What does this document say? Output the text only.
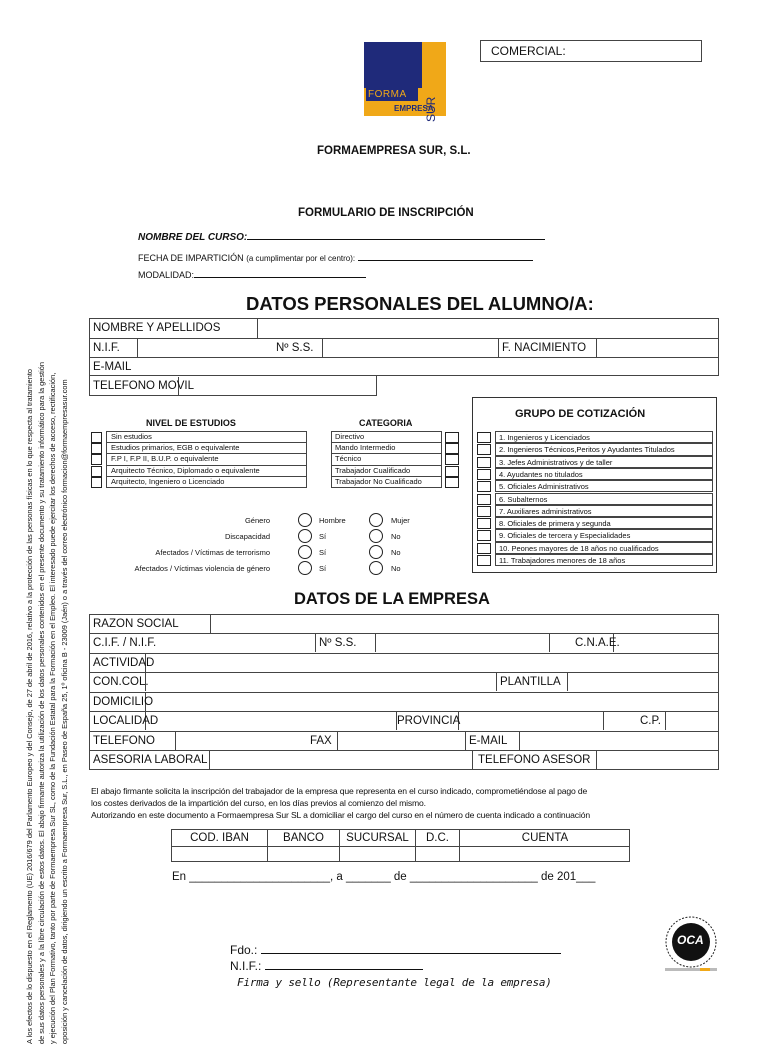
A los efectos de lo dispuesto en el Reglamento (UE) 2016/679 del Parlamento Europeo y del Consejo, de 27 de abril de 2016, relativo a la protección de las personas físicas en lo que respecta al tratamiento de sus datos personales y a la libre circulación de estos datos. El abajo firmante autoriza la utilización de los datos personales contenidos en el presente documento y su tratamiento informático para la gestión y ejecución del Plan Formativo, tanto por parte de Formaempresa Sur SL, como de la Fundación Estatal para la Formación en el Empleo. El interesado puede ejercitar los derechos de acceso, rectificación, oposición y cancelación de datos, dirigiendo un escrito a Formaempresa Sur, S.L., en Paseo de España 25, 1º oficina B - 23009 (Jaén) o a través del correo electrónico formacion@formaempresasur.com
COMERCIAL:
FORMA
SUR
EMPRESA
FORMAEMPRESA SUR, S.L.
FORMULARIO DE INSCRIPCIÓN
NOMBRE DEL CURSO:
FECHA DE IMPARTICIÓN (a cumplimentar por el centro):
MODALIDAD:
DATOS PERSONALES DEL ALUMNO/A:
NOMBRE Y APELLIDOS
N.I.F.	Nº S.S.	F. NACIMIENTO
E-MAIL
TELEFONO MOVIL
NIVEL DE ESTUDIOS
Sin estudios
Estudios primarios, EGB o equivalente
F.P I, F.P II, B.U.P. o equivalente
Arquitecto Técnico, Diplomado o equivalente
Arquitecto, Ingeniero o Licenciado
CATEGORIA
Directivo
Mando Intermedio
Técnico
Trabajador Cualificado
Trabajador No Cualificado
GRUPO DE COTIZACIÓN
1. Ingenieros y Licenciados
2. Ingenieros Técnicos,Peritos y Ayudantes Titulados
3. Jefes Administrativos y de taller
4. Ayudantes no titulados
5. Oficiales Administrativos
6. Subalternos
7. Auxiliares administrativos
8. Oficiales de primera y segunda
9. Oficiales de tercera y Especialidades
10. Peones mayores de 18 años no cualificados
11. Trabajadores menores de 18 años
Género	Hombre	Mujer
Discapacidad	Sí	No
Afectados / Víctimas de terrorismo	Sí	No
Afectados / Víctimas violencia de género	Sí	No
DATOS DE LA EMPRESA
RAZON SOCIAL
C.I.F. / N.I.F.	Nº S.S.	C.N.A.E.
ACTIVIDAD
CON.COL.	PLANTILLA
DOMICILIO
LOCALIDAD	PROVINCIA	C.P.
TELEFONO	FAX	E-MAIL
ASESORIA LABORAL	TELEFONO ASESOR
El abajo firmante solicita la inscripción del trabajador de la empresa que representa en el curso indicado, comprometiéndose al pago de
los costes derivados de la impartición del curso, en los días previos al comienzo del mismo.
Autorizando en este documento a Formaempresa Sur SL a domiciliar el cargo del curso en el número de cuenta indicado a continuación
COD. IBAN	BANCO	SUCURSAL	D.C.	CUENTA
En ______________________, a _______ de ____________________ de 201___
Fdo.:
N.I.F.:
Firma y sello (Representante legal de la empresa)
OCA
